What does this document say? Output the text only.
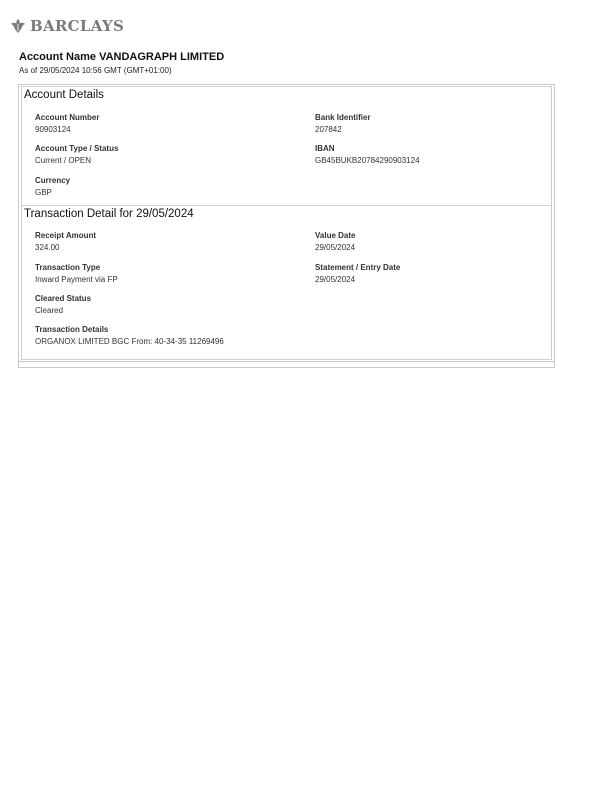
BARCLAYS
Account Name VANDAGRAPH LIMITED
As of 29/05/2024 10:56 GMT (GMT+01:00)
Account Details
Account Number
90903124
Bank Identifier
207842
Account Type / Status
Current / OPEN
IBAN
GB45BUKB20784290903124
Currency
GBP
Transaction Detail for 29/05/2024
Receipt Amount
324.00
Value Date
29/05/2024
Transaction Type
Inward Payment via FP
Statement / Entry Date
29/05/2024
Cleared Status
Cleared
Transaction Details
ORGANOX LIMITED BGC From: 40-34-35 11269496
